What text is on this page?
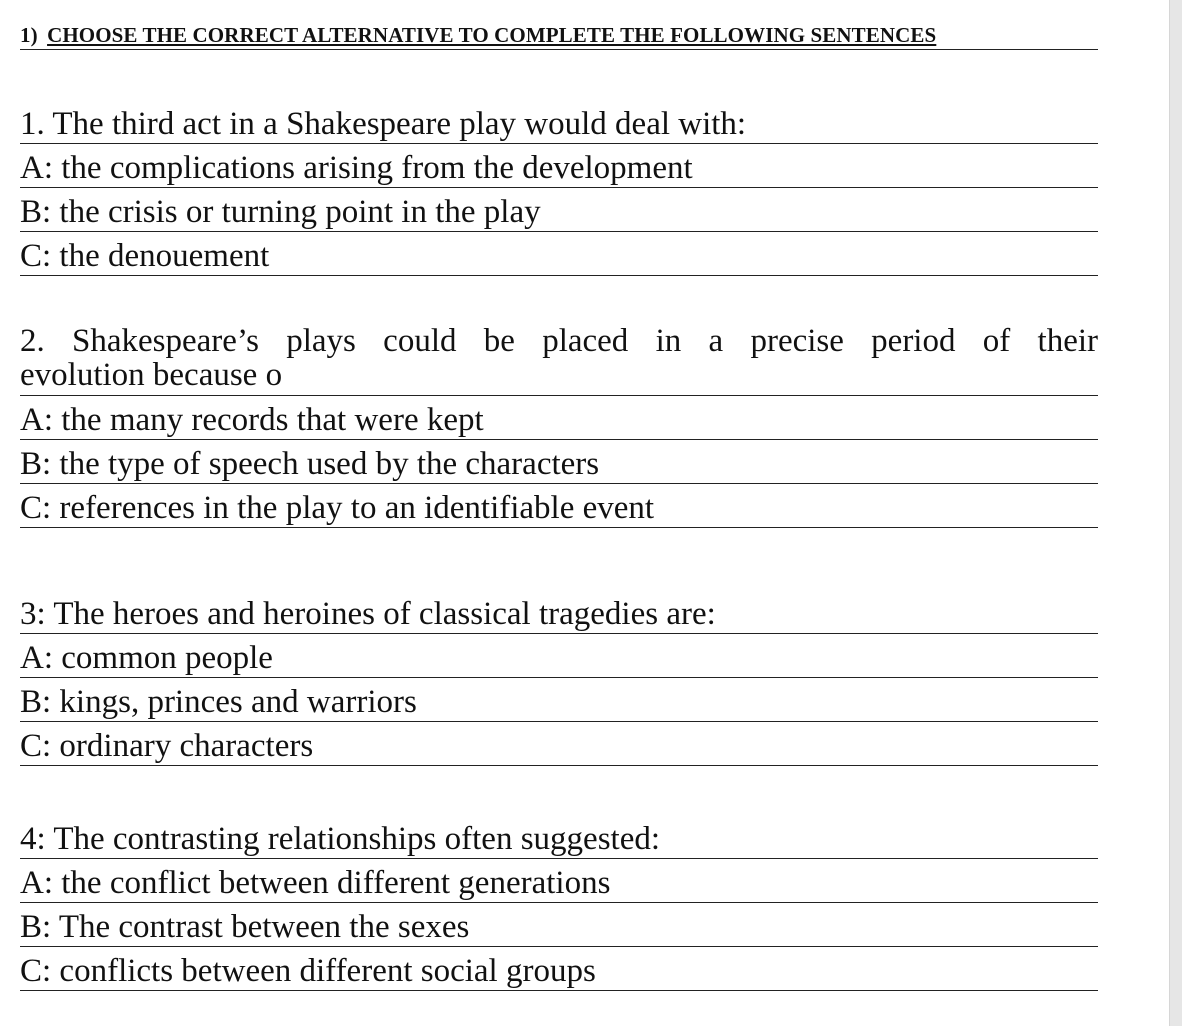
1) CHOOSE THE CORRECT ALTERNATIVE TO COMPLETE THE FOLLOWING SENTENCES
1. The third act in a Shakespeare play would deal with:
A: the complications arising from the development
B: the crisis or turning point in the play
C: the denouement
2. Shakespeare’s plays could be placed in a precise period of their
evolution because o
A: the many records that were kept
B: the type of speech used by the characters
C: references in the play to an identifiable event
3: The heroes and heroines of classical tragedies are:
A: common people
B: kings, princes and warriors
C: ordinary characters
4: The contrasting relationships often suggested:
A: the conflict between different generations
B: The contrast between the sexes
C: conflicts between different social groups
